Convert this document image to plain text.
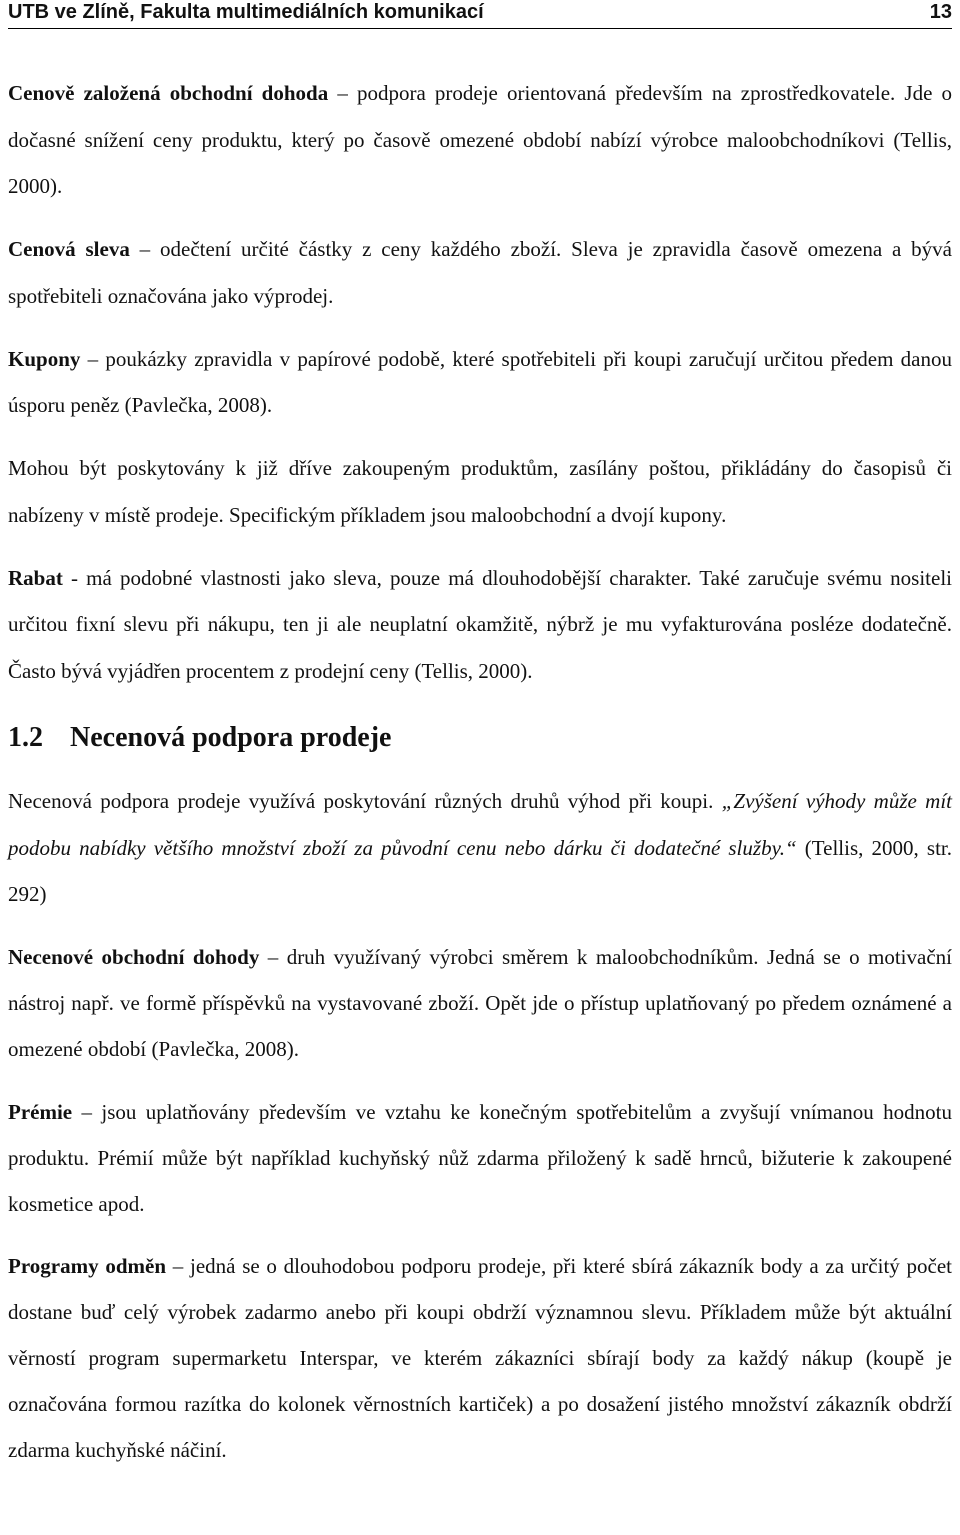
UTB ve Zlíně, Fakulta multimediálních komunikací	13

Cenově založená obchodní dohoda – podpora prodeje orientovaná především na zprostředkovatele. Jde o dočasné snížení ceny produktu, který po časově omezené období nabízí výrobce maloobchodníkovi (Tellis, 2000).

Cenová sleva – odečtení určité částky z ceny každého zboží. Sleva je zpravidla časově omezena a bývá spotřebiteli označována jako výprodej.

Kupony – poukázky zpravidla v papírové podobě, které spotřebiteli při koupi zaručují určitou předem danou úsporu peněz (Pavlečka, 2008).

Mohou být poskytovány k již dříve zakoupeným produktům, zasílány poštou, přikládány do časopisů či nabízeny v místě prodeje. Specifickým příkladem jsou maloobchodní a dvojí kupony.

Rabat - má podobné vlastnosti jako sleva, pouze má dlouhodobější charakter. Také zaručuje svému nositeli určitou fixní slevu při nákupu, ten ji ale neuplatní okamžitě, nýbrž je mu vyfakturována posléze dodatečně. Často bývá vyjádřen procentem z prodejní ceny (Tellis, 2000).

1.2 Necenová podpora prodeje

Necenová podpora prodeje využívá poskytování různých druhů výhod při koupi. „Zvýšení výhody může mít podobu nabídky většího množství zboží za původní cenu nebo dárku či dodatečné služby.“ (Tellis, 2000, str. 292)

Necenové obchodní dohody – druh využívaný výrobci směrem k maloobchodníkům. Jedná se o motivační nástroj např. ve formě příspěvků na vystavované zboží. Opět jde o přístup uplatňovaný po předem oznámené a omezené období (Pavlečka, 2008).

Prémie – jsou uplatňovány především ve vztahu ke konečným spotřebitelům a zvyšují vnímanou hodnotu produktu. Prémií může být například kuchyňský nůž zdarma přiložený k sadě hrnců, bižuterie k zakoupené kosmetice apod.

Programy odměn – jedná se o dlouhodobou podporu prodeje, při které sbírá zákazník body a za určitý počet dostane buď celý výrobek zadarmo anebo při koupi obdrží významnou slevu. Příkladem může být aktuální věrností program supermarketu Interspar, ve kterém zákazníci sbírají body za každý nákup (koupě je označována formou razítka do kolonek věrnostních kartiček) a po dosažení jistého množství zákazník obdrží zdarma kuchyňské náčiní.
